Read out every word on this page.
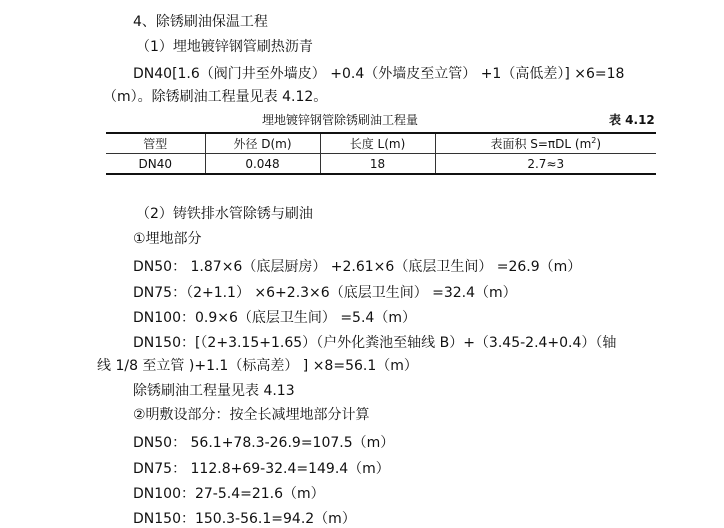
4、除锈刷油保温工程
（1）埋地镀锌钢管刷热沥青
DN40[1.6（阀门井至外墙皮） +0.4（外墙皮至立管） +1（高低差）] ×6=18
（m）。除锈刷油工程量见表 4.12。
埋地镀锌钢管除锈刷油工程量	表 4.12
管型	外径 D(m)	长度 L(m)	表面积 S=πDL $(m^2)$
DN40	0.048	18	2.7≈3
（2）铸铁排水管除锈与刷油
①埋地部分
DN50： 1.87×6（底层厨房） +2.61×6（底层卫生间） =26.9（m）
DN75：（2+1.1） ×6+2.3×6（底层卫生间） =32.4（m）
DN100：0.9×6（底层卫生间） =5.4（m）
DN150：[（2+3.15+1.65）（户外化粪池至轴线 B）+（3.45-2.4+0.4）（轴
线 1/8 至立管 )+1.1（标高差） ] ×8=56.1（m）
除锈刷油工程量见表 4.13
②明敷设部分：按全长减埋地部分计算
DN50： 56.1+78.3-26.9=107.5（m）
DN75： 112.8+69-32.4=149.4（m）
DN100：27-5.4=21.6（m）
DN150：150.3-56.1=94.2（m）
